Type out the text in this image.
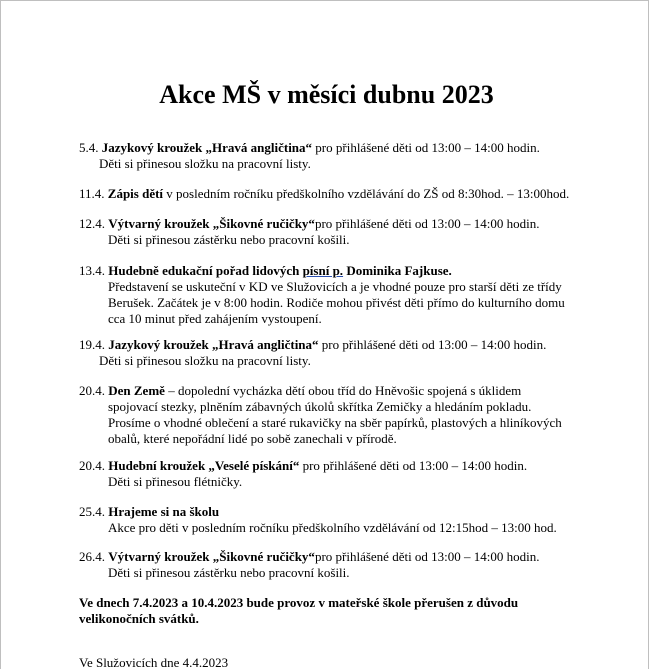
Akce MŠ v měsíci dubnu 2023
5.4. Jazykový kroužek „Hravá angličtina“ pro přihlášené děti od 13:00 – 14:00 hodin.
Děti si přinesou složku na pracovní listy.
11.4. Zápis dětí v posledním ročníku předškolního vzdělávání do ZŠ od 8:30hod. – 13:00hod.
12.4. Výtvarný kroužek „Šikovné ručičky“pro přihlášené děti od 13:00 – 14:00 hodin.
Děti si přinesou zástěrku nebo pracovní košili.
13.4. Hudebně edukační pořad lidových písní p. Dominika Fajkuse.
Představení se uskuteční v KD ve Služovicích a je vhodné pouze pro starší děti ze třídy
Berušek. Začátek je v 8:00 hodin. Rodiče mohou přivést děti přímo do kulturního domu
cca 10 minut před zahájením vystoupení.
19.4. Jazykový kroužek „Hravá angličtina“ pro přihlášené děti od 13:00 – 14:00 hodin.
Děti si přinesou složku na pracovní listy.
20.4. Den Země – dopolední vycházka dětí obou tříd do Hněvošic spojená s úklidem
spojovací stezky, plněním zábavných úkolů skřítka Zemičky a hledáním pokladu.
Prosíme o vhodné oblečení a staré rukavičky na sběr papírků, plastových a hliníkových
obalů, které nepořádní lidé po sobě zanechali v přírodě.
20.4. Hudební kroužek „Veselé pískání“ pro přihlášené děti od 13:00 – 14:00 hodin.
Děti si přinesou flétničky.
25.4. Hrajeme si na školu
Akce pro děti v posledním ročníku předškolního vzdělávání od 12:15hod – 13:00 hod.
26.4. Výtvarný kroužek „Šikovné ručičky“pro přihlášené děti od 13:00 – 14:00 hodin.
Děti si přinesou zástěrku nebo pracovní košili.
Ve dnech 7.4.2023 a 10.4.2023 bude provoz v mateřské škole přerušen z důvodu
velikonočních svátků.
Ve Služovicích dne 4.4.2023
